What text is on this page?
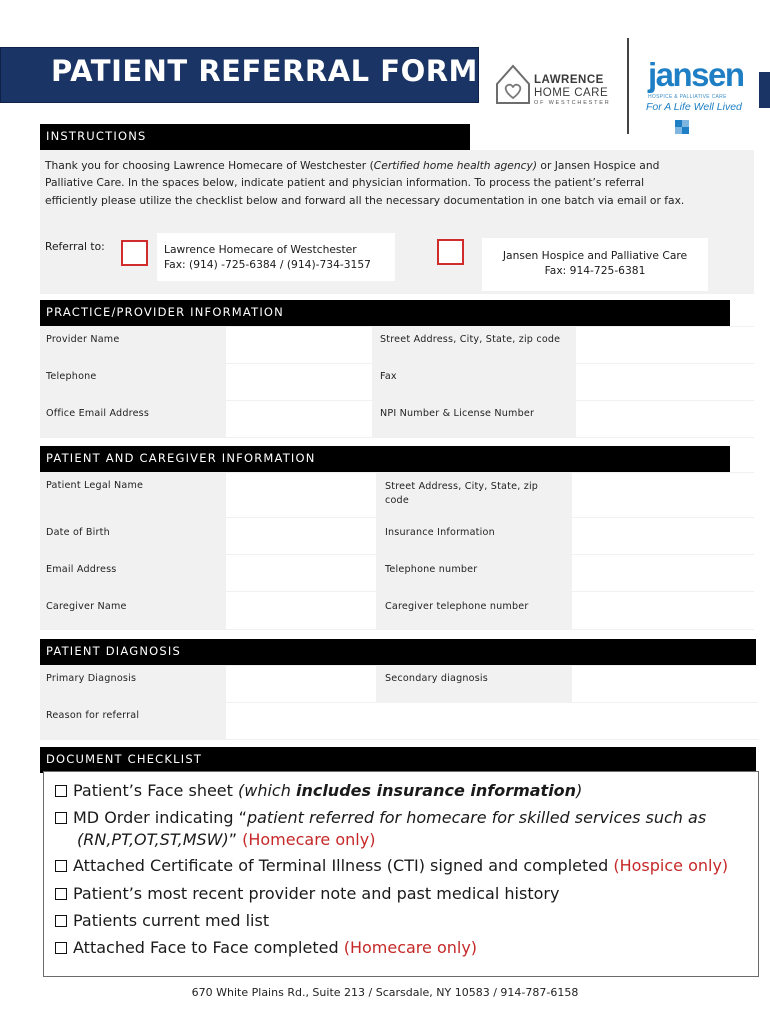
PATIENT REFERRAL FORM	LAWRENCE
HOME CARE
OF WESTCHESTER
jansen
HOSPICE & PALLIATIVE CARE
For A Life Well Lived
INSTRUCTIONS
Thank you for choosing Lawrence Homecare of Westchester (Certified home health agency) or Jansen Hospice and Palliative Care. In the spaces below, indicate patient and physician information. To process the patient’s referral efficiently please utilize the checklist below and forward all the necessary documentation in one batch via email or fax.
Referral to:	Lawrence Homecare of Westchester
Fax: (914) -725-6384 / (914)-734-3157
Jansen Hospice and Palliative Care
Fax: 914-725-6381
PRACTICE/PROVIDER INFORMATION
Provider Name	Street Address, City, State, zip code
Telephone	Fax
Office Email Address	NPI Number & License Number
PATIENT AND CAREGIVER INFORMATION
Patient Legal Name	Street Address, City, State, zip
code
Date of Birth	Insurance Information
Email Address	Telephone number
Caregiver Name	Caregiver telephone number
PATIENT DIAGNOSIS
Primary Diagnosis	Secondary diagnosis
Reason for referral
DOCUMENT CHECKLIST
Patient’s Face sheet (which includes insurance information)
MD Order indicating “patient referred for homecare for skilled services such as
(RN,PT,OT,ST,MSW)” (Homecare only)
Attached Certificate of Terminal Illness (CTI) signed and completed (Hospice only)
Patient’s most recent provider note and past medical history
Patients current med list
Attached Face to Face completed (Homecare only)
670 White Plains Rd., Suite 213 / Scarsdale, NY 10583 / 914-787-6158
